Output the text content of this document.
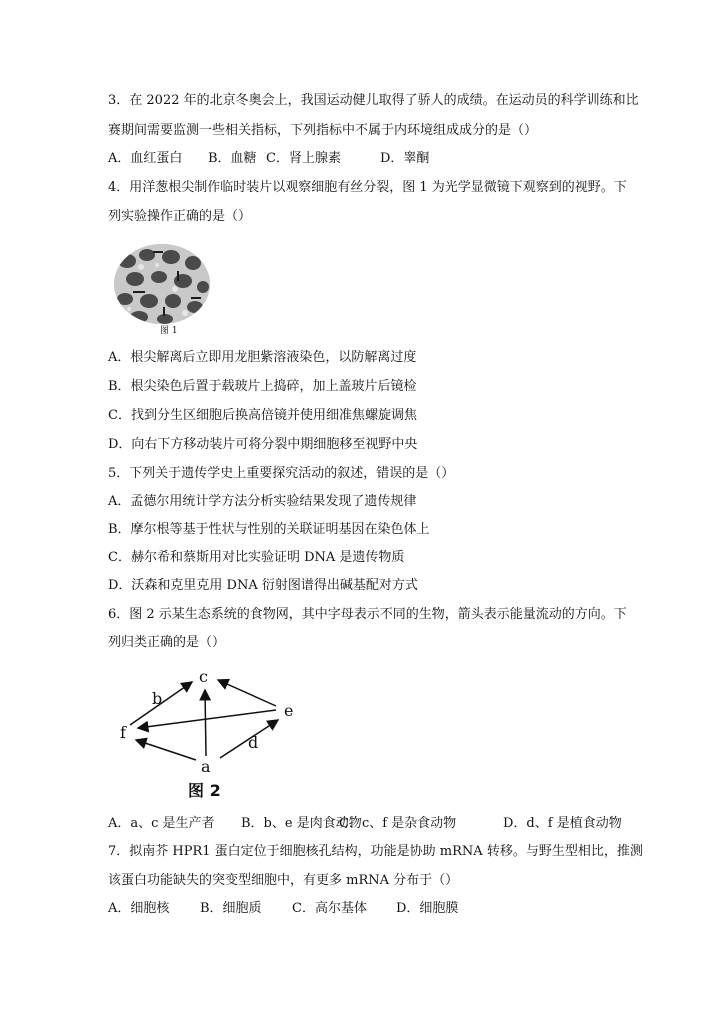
3．在 2022 年的北京冬奥会上，我国运动健儿取得了骄人的成绩。在运动员的科学训练和比
赛期间需要监测一些相关指标，下列指标中不属于内环境组成成分的是（）
A．血红蛋白	B．血糖 C．肾上腺素	D．睾酮
4．用洋葱根尖制作临时装片以观察细胞有丝分裂，图 1 为光学显微镜下观察到的视野。下
列实验操作正确的是（）
图 1
A．根尖解离后立即用龙胆紫溶液染色，以防解离过度
B．根尖染色后置于载玻片上捣碎，加上盖玻片后镜检
C．找到分生区细胞后换高倍镜并使用细准焦螺旋调焦
D．向右下方移动装片可将分裂中期细胞移至视野中央
5．下列关于遗传学史上重要探究活动的叙述，错误的是（）
A．孟德尔用统计学方法分析实验结果发现了遗传规律
B．摩尔根等基于性状与性别的关联证明基因在染色体上
C．赫尔希和蔡斯用对比实验证明 DNA 是遗传物质
D．沃森和克里克用 DNA 衍射图谱得出碱基配对方式
6．图 2 示某生态系统的食物网，其中字母表示不同的生物，箭头表示能量流动的方向。下
列归类正确的是（）
c
b
e
f
d
a
图 2
A．a、c 是生产者	B．b、e 是肉食动物
C．c、f 是杂食动物	D．d、f 是植食动物
7．拟南芥 HPR1 蛋白定位于细胞核孔结构，功能是协助 mRNA 转移。与野生型相比，推测
该蛋白功能缺失的突变型细胞中，有更多 mRNA 分布于（）
A．细胞核	B．细胞质	C．高尔基体	D．细胞膜
